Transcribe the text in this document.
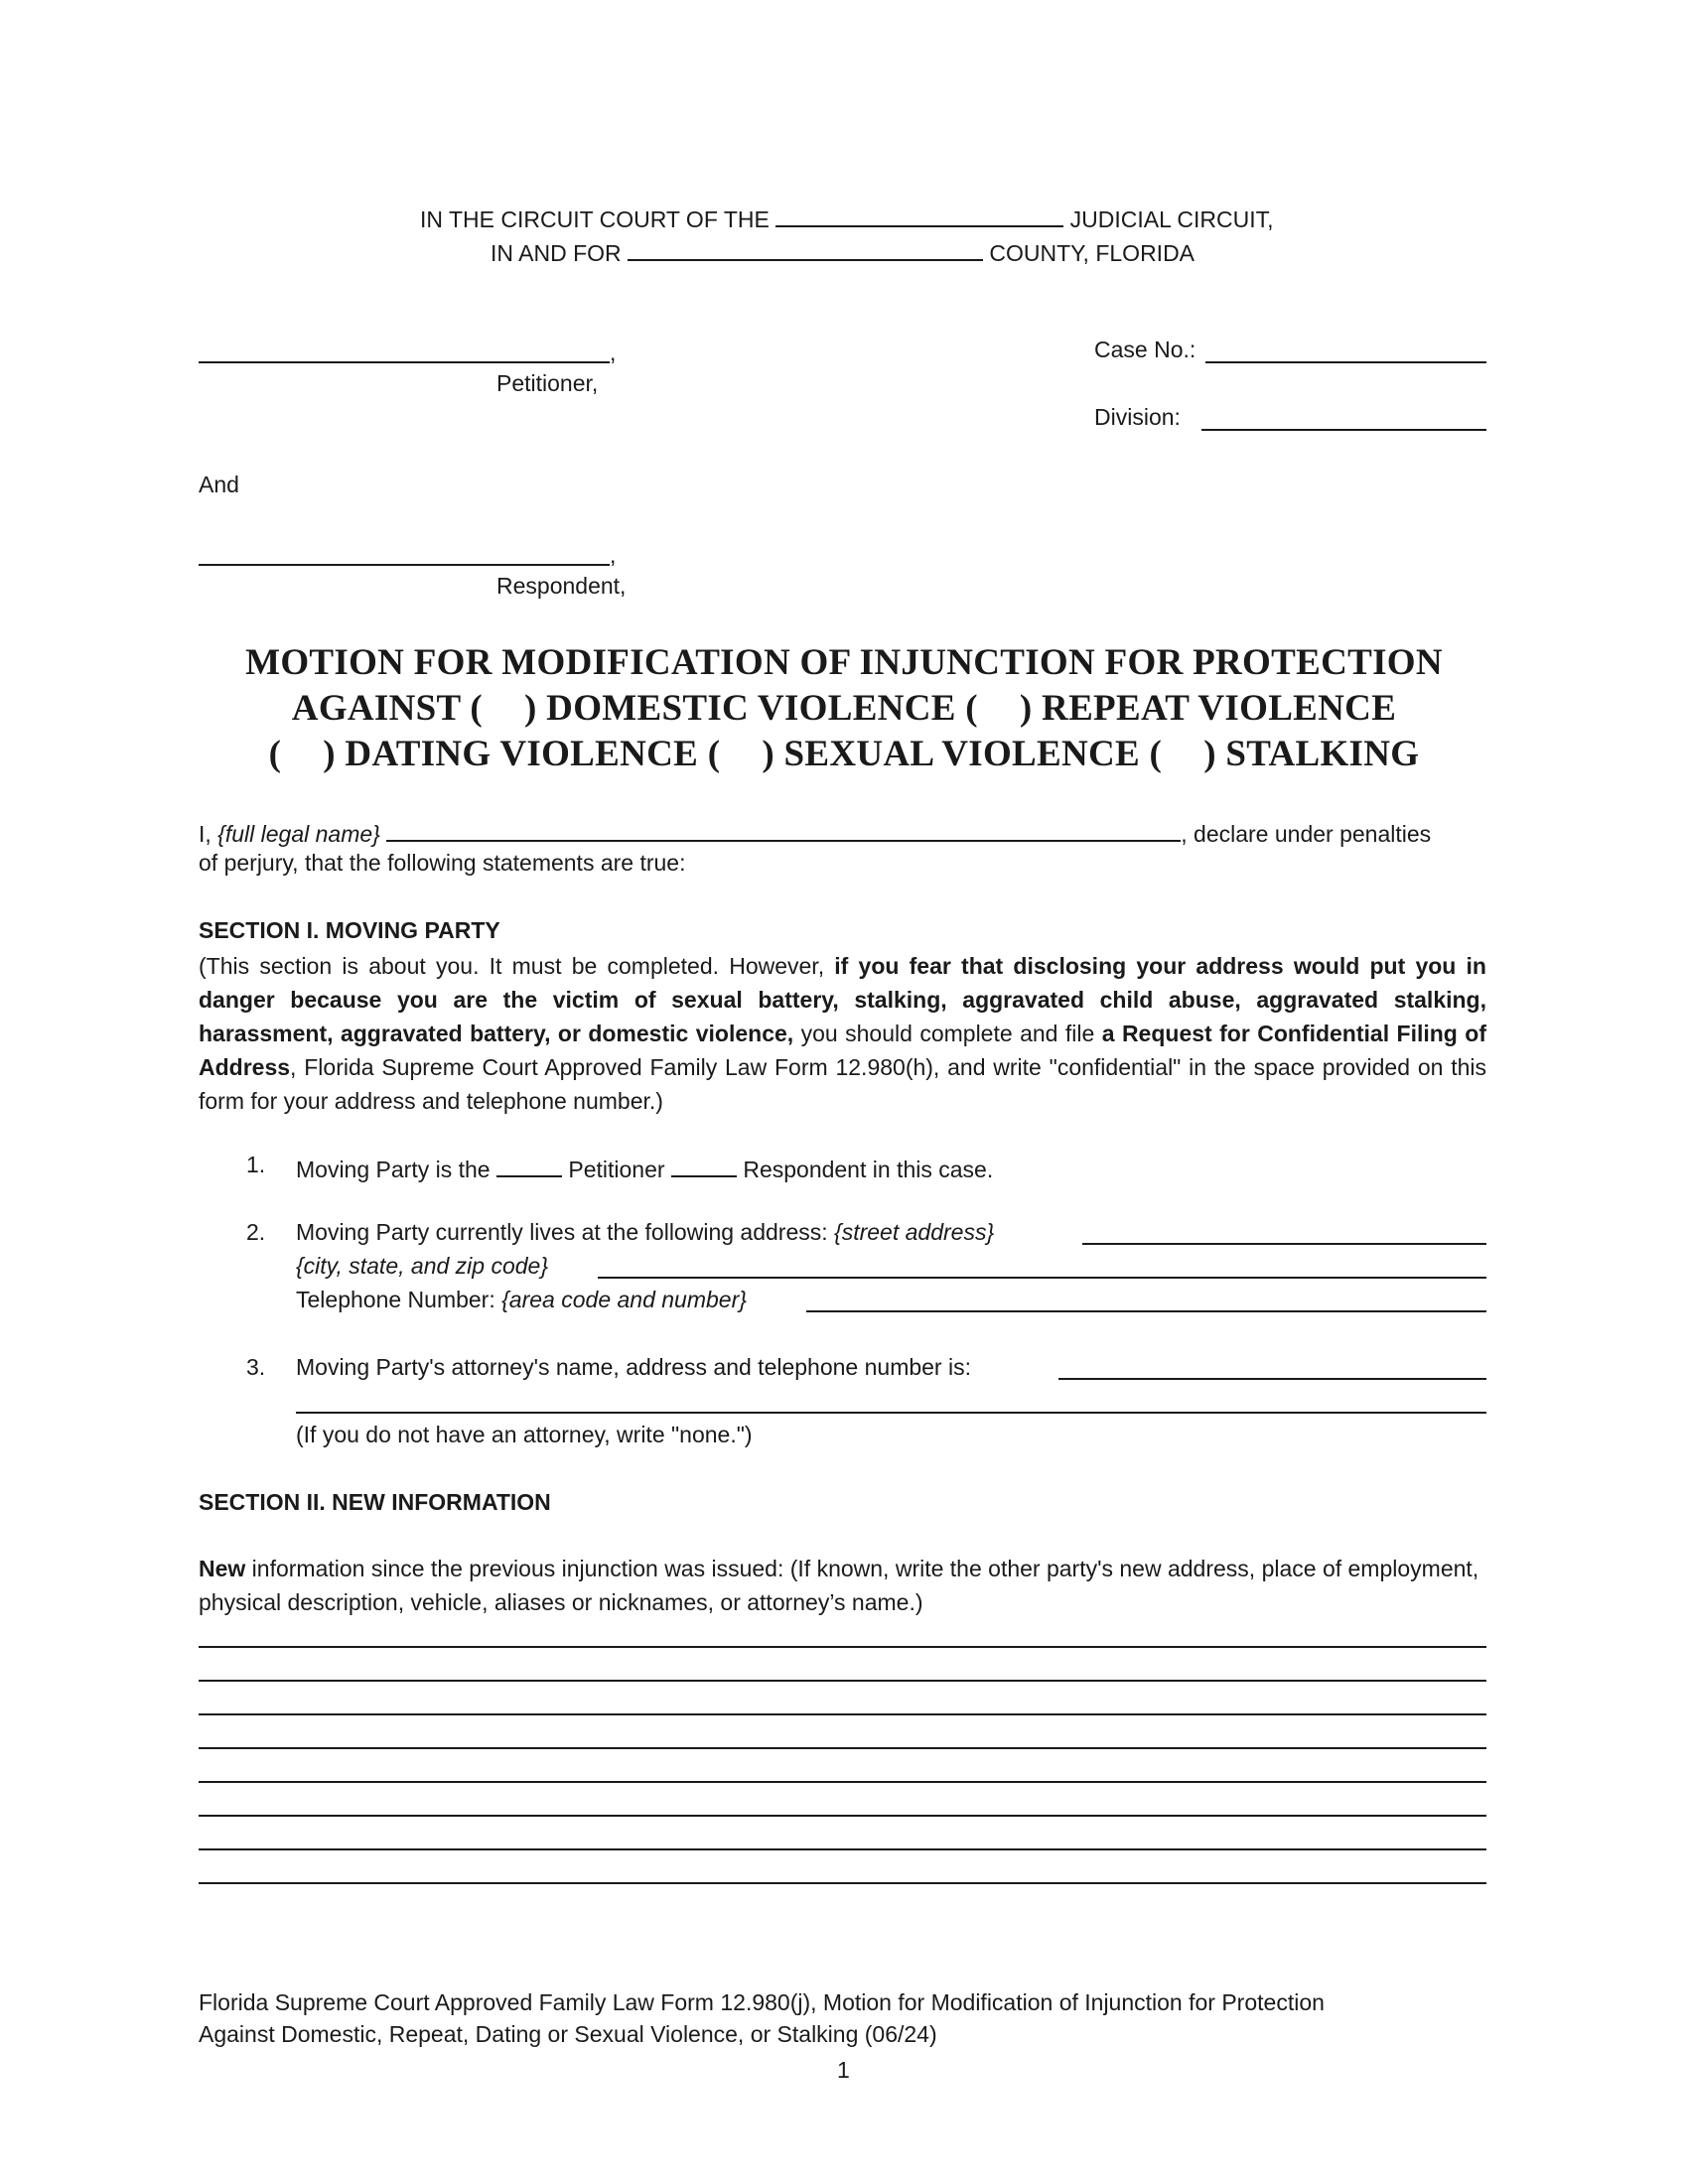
IN THE CIRCUIT COURT OF THE	JUDICIAL CIRCUIT,
IN AND FOR	COUNTY, FLORIDA
,
Petitioner,
And
,
Respondent,
Case No.:
Division:
MOTION FOR MODIFICATION OF INJUNCTION FOR PROTECTION
AGAINST ( ) DOMESTIC VIOLENCE ( ) REPEAT VIOLENCE
( ) DATING VIOLENCE ( ) SEXUAL VIOLENCE ( ) STALKING
I, {full legal name}	, declare under penalties
of perjury, that the following statements are true:
SECTION I. MOVING PARTY
(This section is about you. It must be completed. However, if you fear that disclosing your address would put you in danger because you are the victim of sexual battery, stalking, aggravated child abuse, aggravated stalking, harassment, aggravated battery, or domestic violence, you should complete and file a Request for Confidential Filing of Address, Florida Supreme Court Approved Family Law Form 12.980(h), and write "confidential" in the space provided on this form for your address and telephone number.)
1. Moving Party is the	Petitioner	Respondent in this case.
2. Moving Party currently lives at the following address: {street address}
{city, state, and zip code}
Telephone Number: {area code and number}
3. Moving Party's attorney's name, address and telephone number is:
(If you do not have an attorney, write "none.")
SECTION II. NEW INFORMATION
New information since the previous injunction was issued: (If known, write the other party's new address, place of employment, physical description, vehicle, aliases or nicknames, or attorney’s name.)
Florida Supreme Court Approved Family Law Form 12.980(j), Motion for Modification of Injunction for Protection
Against Domestic, Repeat, Dating or Sexual Violence, or Stalking (06/24)
1
